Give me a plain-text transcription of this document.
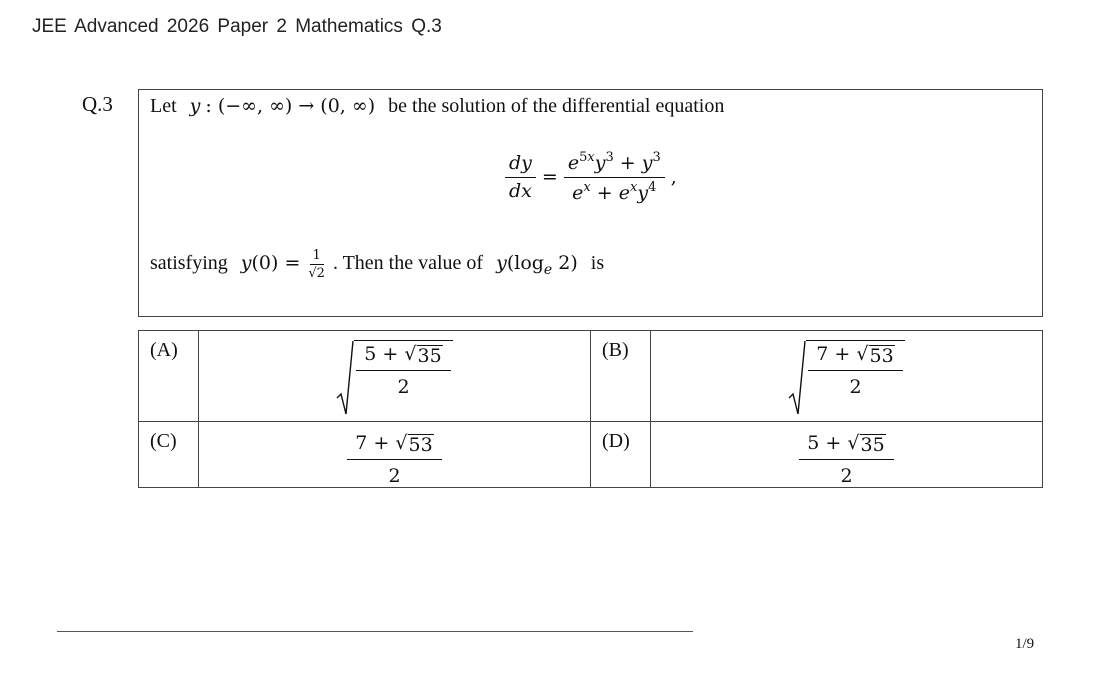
JEE Advanced 2026 Paper 2 Mathematics Q.3
Q.3 Let y : (−∞, ∞) → (0, ∞) be the solution of the differential equation
$\frac{dy}{dx} = \frac{e^{5x}y^3 + y^3}{e^x + e^xy^4}$ ,
satisfying $y(0) = \frac{1}{√2}$ . Then the value of $y(\log_e$ 2) is
(A)	$\frac{5 + √ 35}{2}$	(B)	$\frac{7 + √ 53}{2}$

(C)	$\frac{7 + √ 53}{2}$	(D)	$\frac{5 + √ 35}{2}$
1/9
